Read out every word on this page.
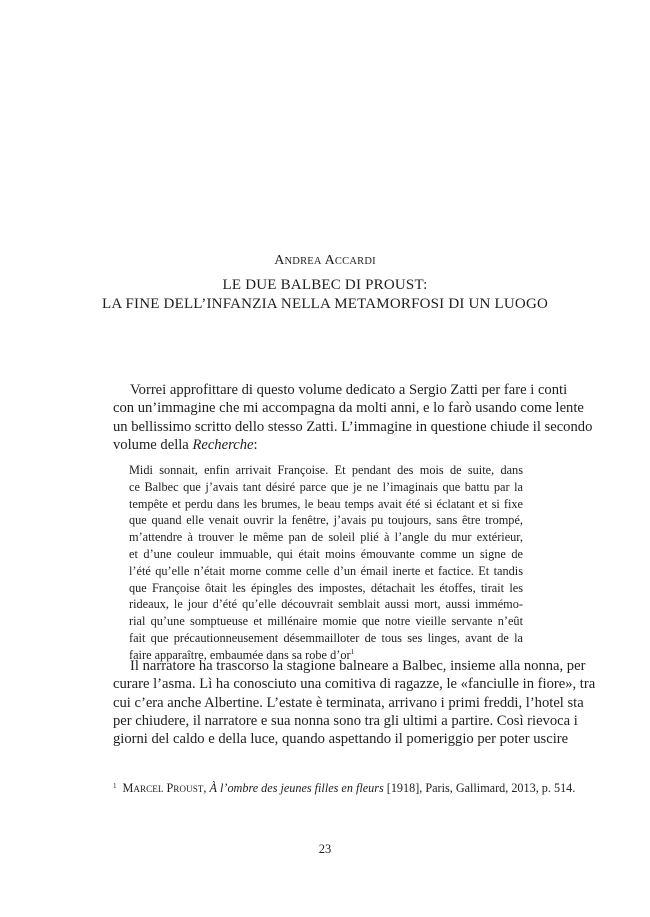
ANDREA ACCARDI
LE DUE BALBEC DI PROUST:
LA FINE DELL’INFANZIA NELLA METAMORFOSI DI UN LUOGO
Vorrei approfittare di questo volume dedicato a Sergio Zatti per fare i conti
con un’immagine che mi accompagna da molti anni, e lo farò usando come lente
un bellissimo scritto dello stesso Zatti. L’immagine in questione chiude il secondo
volume della Recherche:
Midi sonnait, enfin arrivait Françoise. Et pendant des mois de suite, dans
ce Balbec que j’avais tant désiré parce que je ne l’imaginais que battu par la
tempête et perdu dans les brumes, le beau temps avait été si éclatant et si fixe
que quand elle venait ouvrir la fenêtre, j’avais pu toujours, sans être trompé,
m’attendre à trouver le même pan de soleil plié à l’angle du mur extérieur,
et d’une couleur immuable, qui était moins émouvante comme un signe de
l’été qu’elle n’était morne comme celle d’un émail inerte et factice. Et tandis
que Françoise ôtait les épingles des impostes, détachait les étoffes, tirait les
rideaux, le jour d’été qu’elle découvrait semblait aussi mort, aussi immémo-
rial qu’une somptueuse et millénaire momie que notre vieille servante n’eût
fait que précautionneusement désemmailloter de tous ses linges, avant de la
faire apparaître, embaumée dans sa robe $d’or^1$
Il narratore ha trascorso la stagione balneare a Balbec, insieme alla nonna, per
curare l’asma. Lì ha conosciuto una comitiva di ragazze, le «fanciulle in fiore», tra
cui c’era anche Albertine. L’estate è terminata, arrivano i primi freddi, l’hotel sta
per chiudere, il narratore e sua nonna sono tra gli ultimi a partire. Così rievoca i
giorni del caldo e della luce, quando aspettando il pomeriggio per poter uscire
$^1$ MARCEL PROUST, À l’ombre des jeunes filles en fleurs [1918], Paris, Gallimard, 2013, p. 514.
23
